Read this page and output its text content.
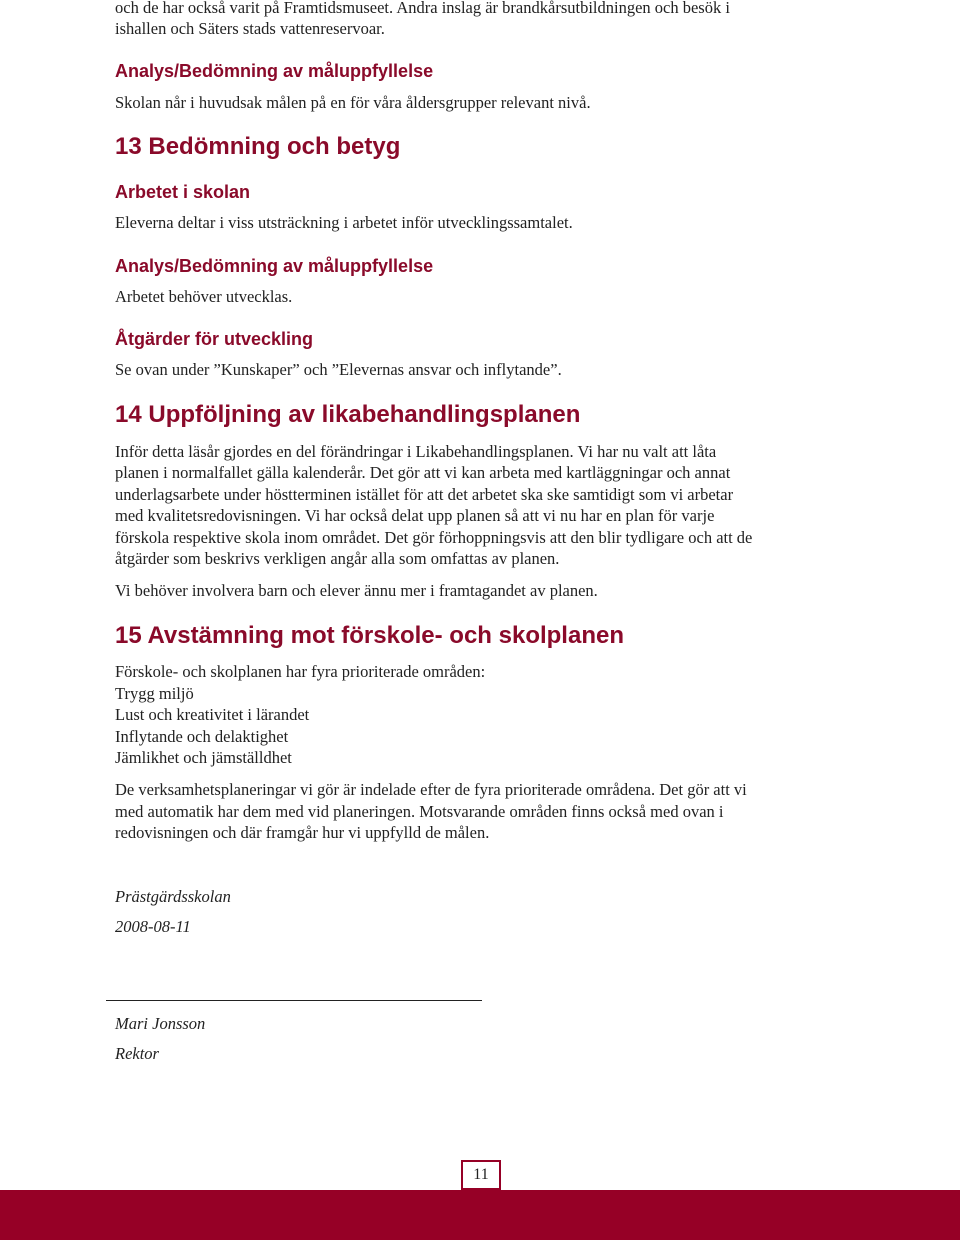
och de har också varit på Framtidsmuseet. Andra inslag är brandkårsutbildningen och besök i

ishallen och Säters stads vattenreservoar.

Analys/Bedömning av måluppfyllelse

Skolan når i huvudsak målen på en för våra åldersgrupper relevant nivå.

13 Bedömning och betyg
Arbetet i skolan

Eleverna deltar i viss utsträckning i arbetet inför utvecklingssamtalet.

Analys/Bedömning av måluppfyllelse

Arbetet behöver utvecklas.

Åtgärder för utveckling

Se ovan under ”Kunskaper” och ”Elevernas ansvar och inflytande”.

14 Uppföljning av likabehandlingsplanen

Inför detta läsår gjordes en del förändringar i Likabehandlingsplanen. Vi har nu valt att låta

planen i normalfallet gälla kalenderår. Det gör att vi kan arbeta med kartläggningar och annat

underlagsarbete under höstterminen istället för att det arbetet ska ske samtidigt som vi arbetar

med kvalitetsredovisningen. Vi har också delat upp planen så att vi nu har en plan för varje

förskola respektive skola inom området. Det gör förhoppningsvis att den blir tydligare och att de

åtgärder som beskrivs verkligen angår alla som omfattas av planen.

Vi behöver involvera barn och elever ännu mer i framtagandet av planen.

15 Avstämning mot förskole- och skolplanen

Förskole- och skolplanen har fyra prioriterade områden:

Trygg miljö

Lust och kreativitet i lärandet

Inflytande och delaktighet

Jämlikhet och jämställdhet

De verksamhetsplaneringar vi gör är indelade efter de fyra prioriterade områdena. Det gör att vi

med automatik har dem med vid planeringen. Motsvarande områden finns också med ovan i

redovisningen och där framgår hur vi uppfylld de målen.

Prästgärdsskolan

2008-08-11

Mari Jonsson

Rektor

11
